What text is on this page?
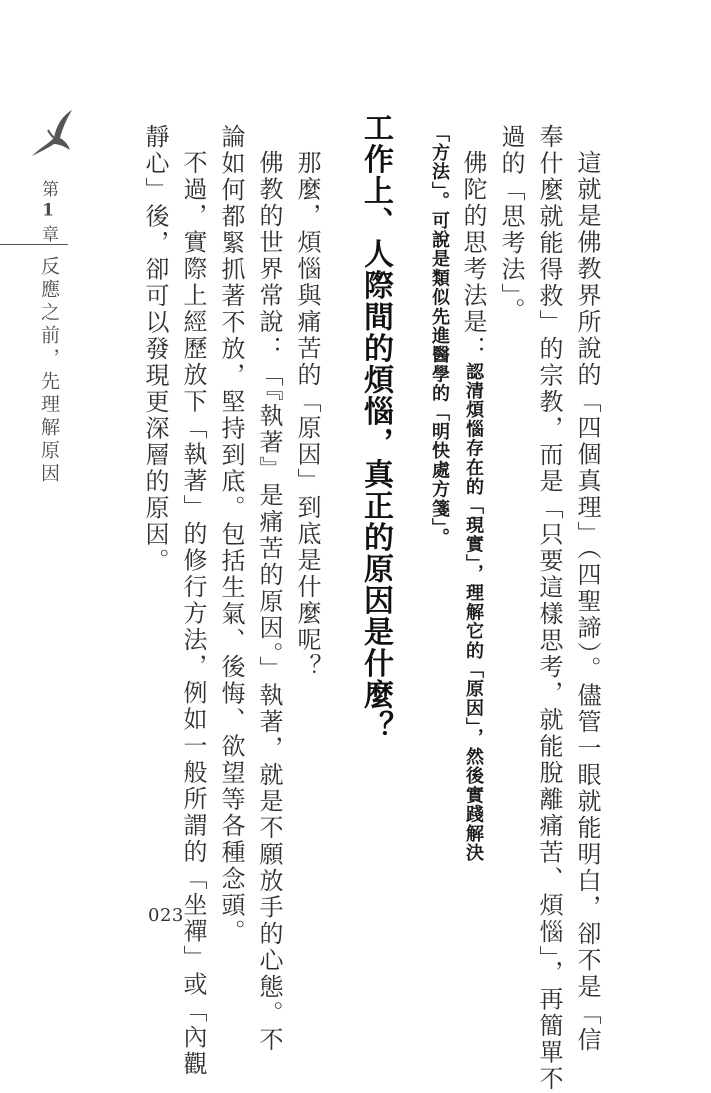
第 1 章
反應之前，先理解原因	這就是佛教界所說的「四個真理」（四聖諦）。儘管一眼就能明白，卻不是「信
奉什麼就能得救」的宗教，而是「只要這樣思考，就能脫離痛苦、煩惱」，再簡單不
過的「思考法」。
佛陀的思考法是：認清煩惱存在的「現實」，理解它的「原因」，然後實踐解決
「方法」。可說是類似先進醫學的「明快處方箋」。
工作上、人際間的煩惱，真正的原因是什麼？
那麼，煩惱與痛苦的「原因」到底是什麼呢？
佛教的世界常說：「『執著』是痛苦的原因。」執著，就是不願放手的心態。不
論如何都緊抓著不放，堅持到底。包括生氣、後悔、欲望等各種念頭。
不過，實際上經歷放下「執著」的修行方法，例如一般所謂的「坐禪」或「內觀
靜心」後，卻可以發現更深層的原因。
023
